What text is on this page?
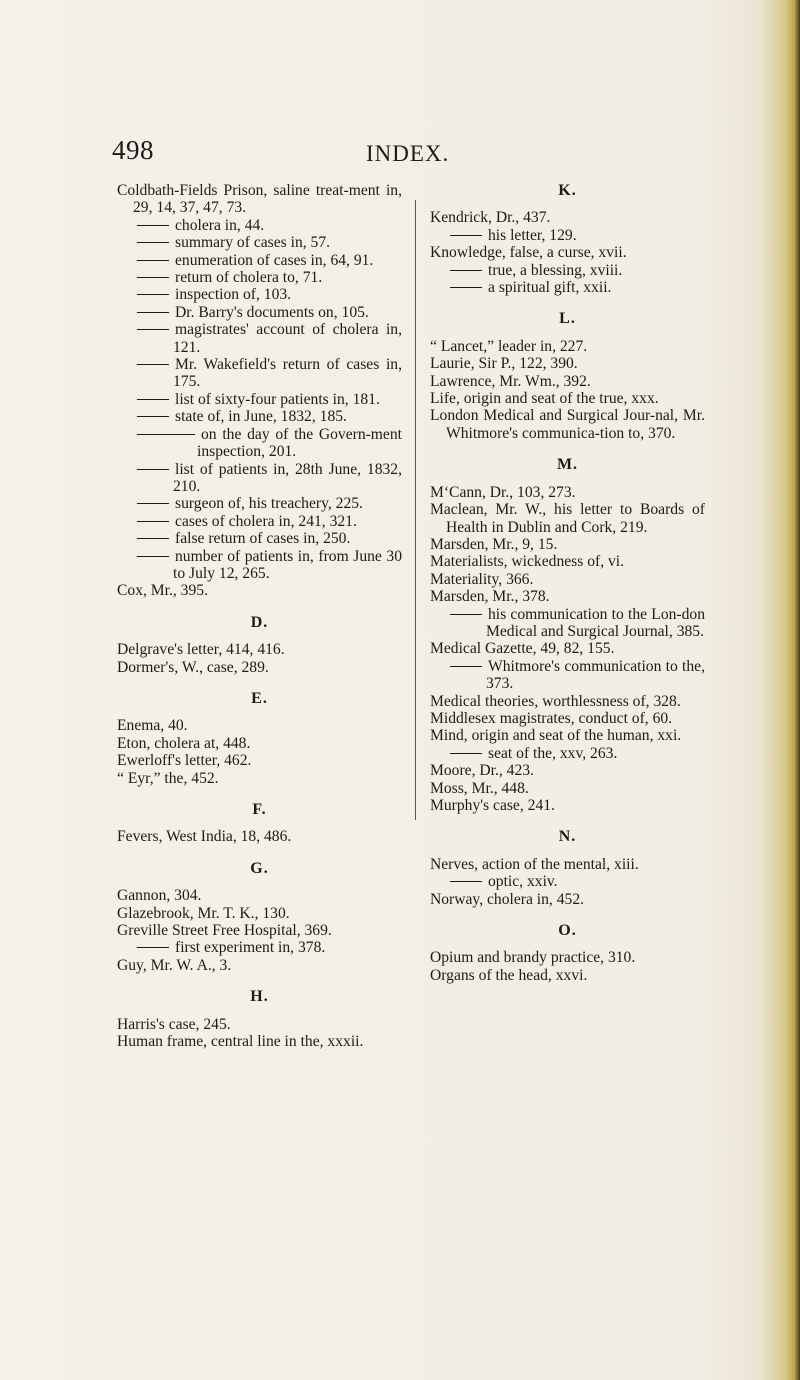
498	INDEX.
Coldbath-Fields Prison, saline treat-ment in, 29, 14, 37, 47, 73.
cholera in, 44.
summary of cases in, 57.
enumeration of cases in, 64, 91.
return of cholera to, 71.
inspection of, 103.
Dr. Barry's documents on, 105.
magistrates' account of cholera in, 121.
Mr. Wakefield's return of cases in, 175.
list of sixty-four patients in, 181.
state of, in June, 1832, 185.
on the day of the Govern-ment inspection, 201.
list of patients in, 28th June, 1832, 210.
surgeon of, his treachery, 225.
cases of cholera in, 241, 321.
false return of cases in, 250.
number of patients in, from June 30 to July 12, 265.
Cox, Mr., 395.
D.
Delgrave's letter, 414, 416.
Dormer's, W., case, 289.
E.
Enema, 40.
Eton, cholera at, 448.
Ewerloff's letter, 462.
“ Eyr,” the, 452.
F.
Fevers, West India, 18, 486.
G.
Gannon, 304.
Glazebrook, Mr. T. K., 130.
Greville Street Free Hospital, 369.
first experiment in, 378.
Guy, Mr. W. A., 3.
H.
Harris's case, 245.
Human frame, central line in the, xxxii.
K.
Kendrick, Dr., 437.
his letter, 129.
Knowledge, false, a curse, xvii.
true, a blessing, xviii.
a spiritual gift, xxii.
L.
“ Lancet,” leader in, 227.
Laurie, Sir P., 122, 390.
Lawrence, Mr. Wm., 392.
Life, origin and seat of the true, xxx.
London Medical and Surgical Jour-nal, Mr. Whitmore's communica-tion to, 370.
M.
M‘Cann, Dr., 103, 273.
Maclean, Mr. W., his letter to Boards of Health in Dublin and Cork, 219.
Marsden, Mr., 9, 15.
Materialists, wickedness of, vi.
Materiality, 366.
Marsden, Mr., 378.
his communication to the Lon-don Medical and Surgical Journal, 385.
Medical Gazette, 49, 82, 155.
Whitmore's communication to the, 373.
Medical theories, worthlessness of, 328.
Middlesex magistrates, conduct of, 60.
Mind, origin and seat of the human, xxi.
seat of the, xxv, 263.
Moore, Dr., 423.
Moss, Mr., 448.
Murphy's case, 241.
N.
Nerves, action of the mental, xiii.
optic, xxiv.
Norway, cholera in, 452.
O.
Opium and brandy practice, 310.
Organs of the head, xxvi.
